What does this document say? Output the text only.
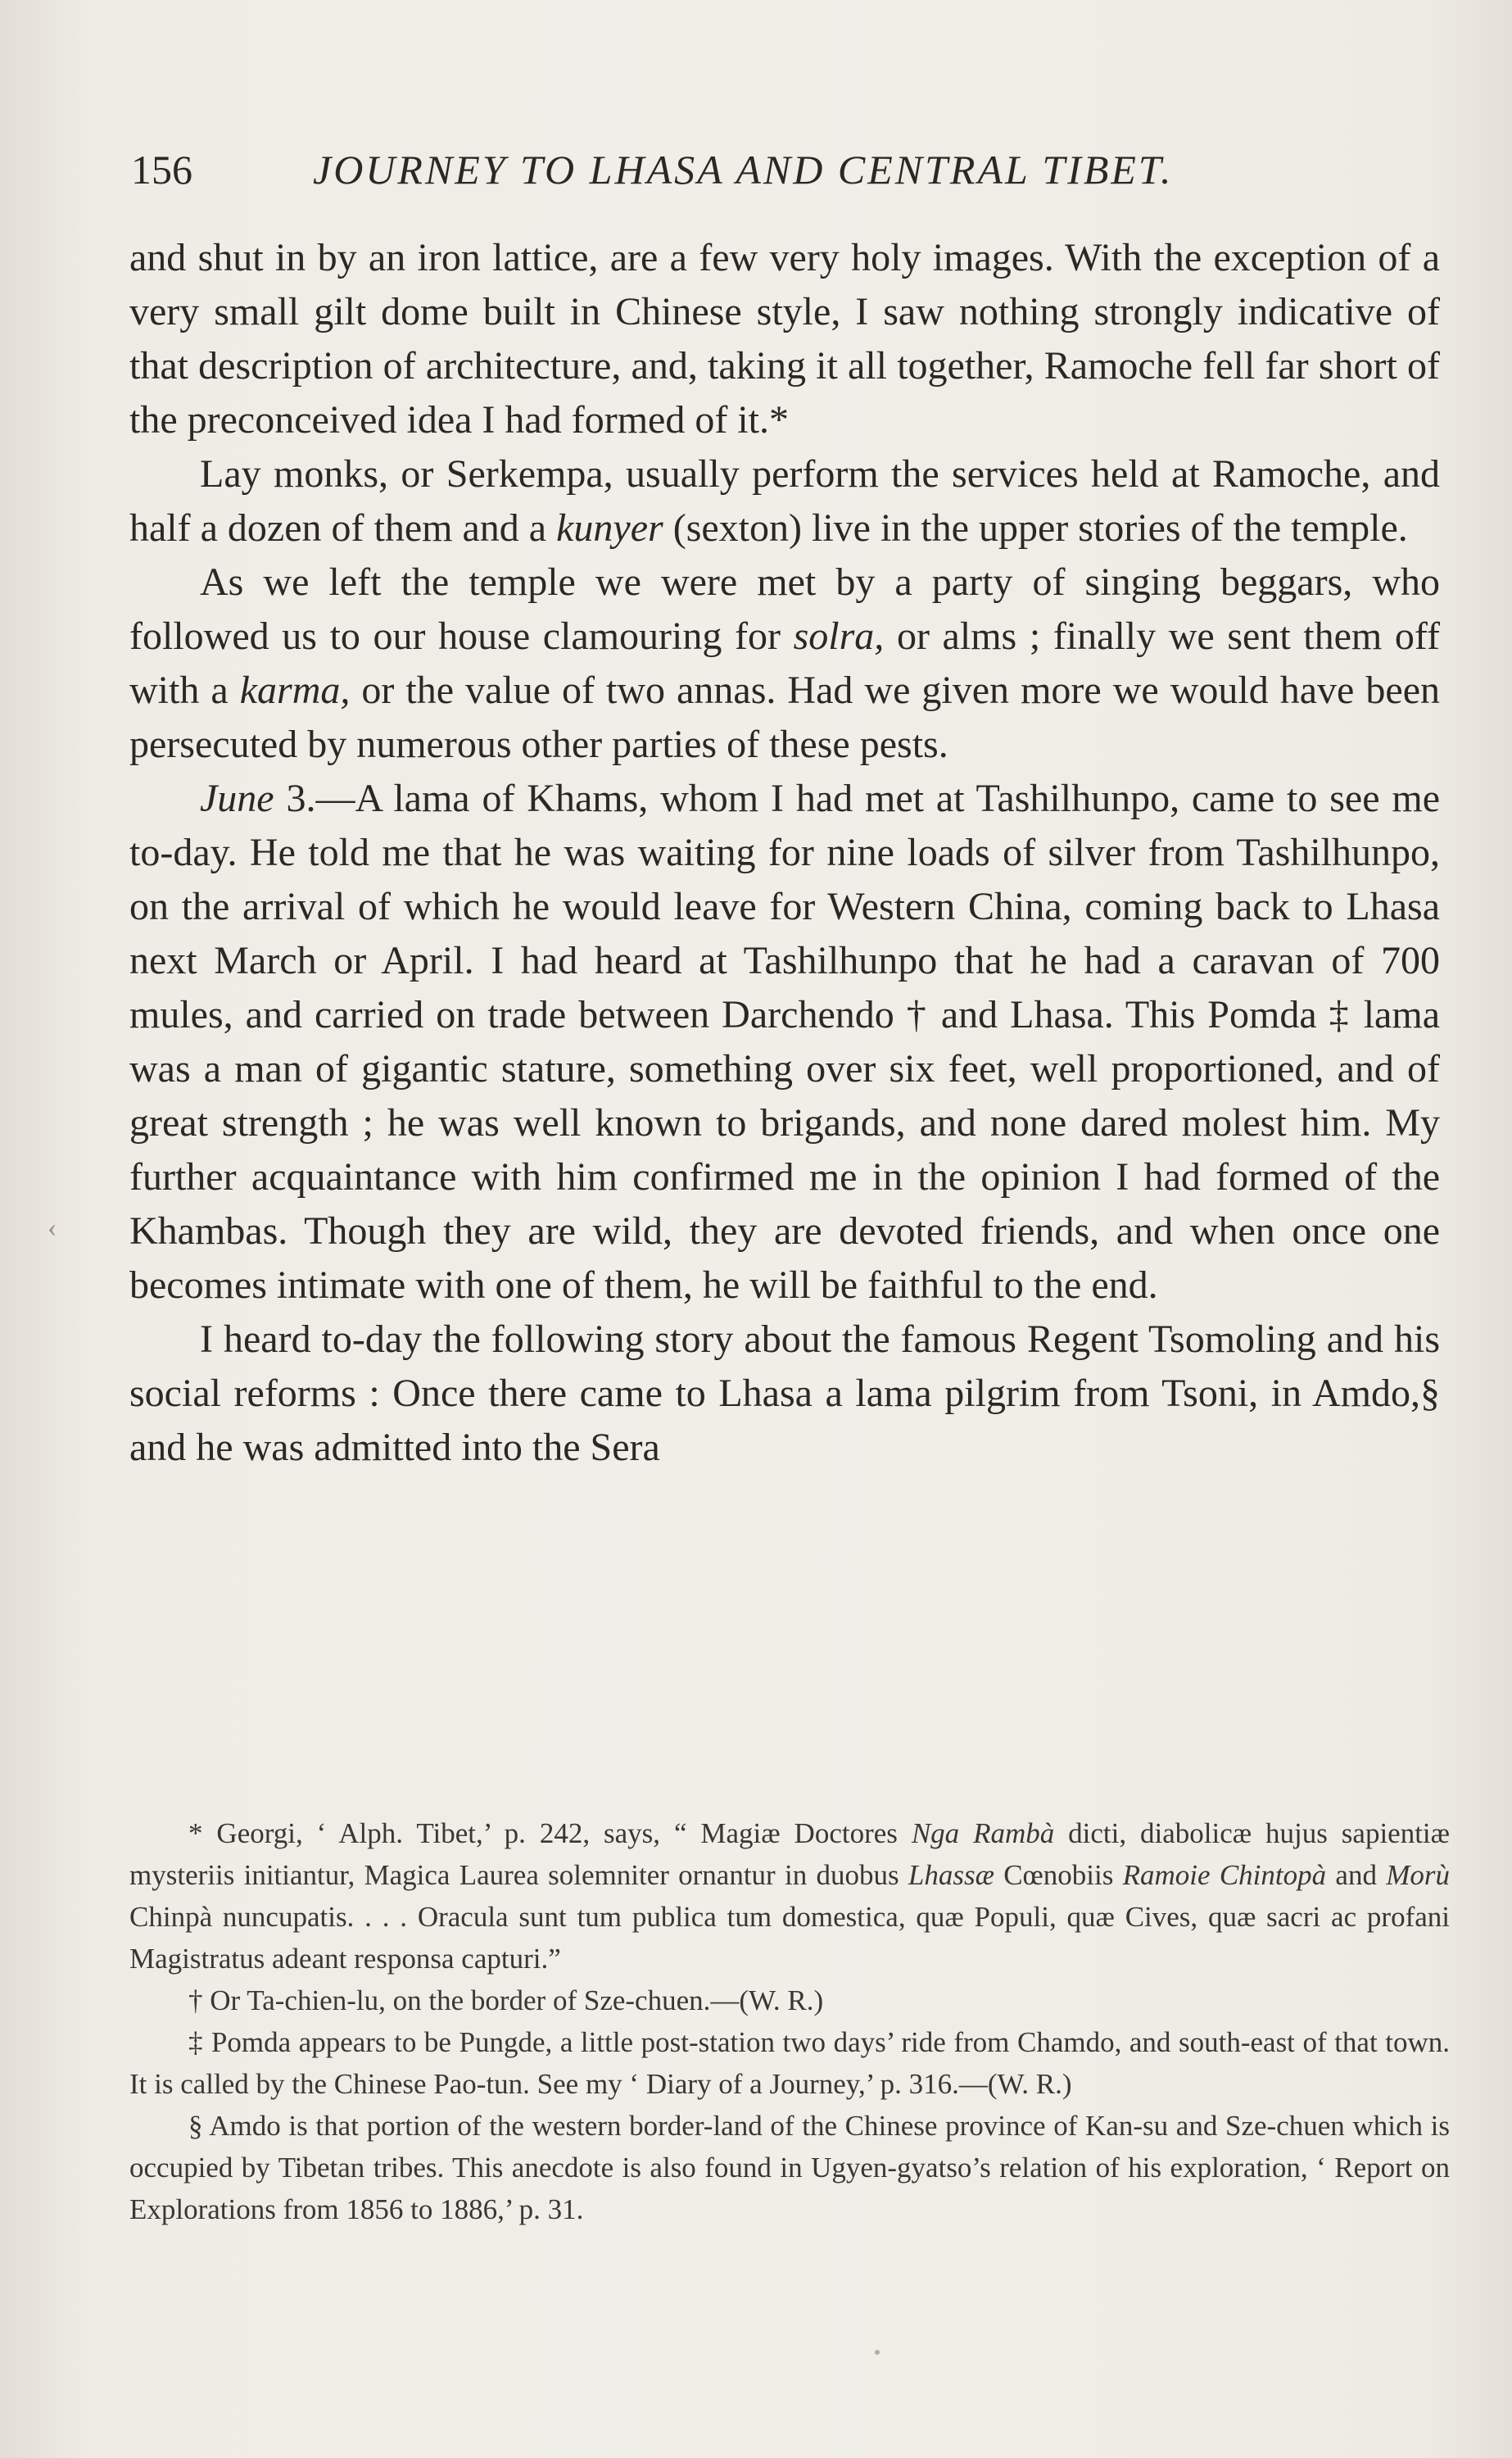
156	JOURNEY TO LHASA AND CENTRAL TIBET.

and shut in by an iron lattice, are a few very holy images. With the exception of a very small gilt dome built in Chinese style, I saw nothing strongly indicative of that description of architecture, and, taking it all together, Ramoche fell far short of the preconceived idea I had formed of it.*

Lay monks, or Serkempa, usually perform the services held at Ramoche, and half a dozen of them and a kunyer (sexton) live in the upper stories of the temple.

As we left the temple we were met by a party of singing beggars, who followed us to our house clamouring for solra, or alms ; finally we sent them off with a karma, or the value of two annas. Had we given more we would have been persecuted by numerous other parties of these pests.

June 3.—A lama of Khams, whom I had met at Tashilhunpo, came to see me to-day. He told me that he was waiting for nine loads of silver from Tashilhunpo, on the arrival of which he would leave for Western China, coming back to Lhasa next March or April. I had heard at Tashilhunpo that he had a caravan of 700 mules, and carried on trade between Darchendo † and Lhasa. This Pomda ‡ lama was a man of gigantic stature, something over six feet, well proportioned, and of great strength ; he was well known to brigands, and none dared molest him. My further acquaintance with him confirmed me in the opinion I had formed of the Khambas. Though they are wild, they are devoted friends, and when once one becomes intimate with one of them, he will be faithful to the end.

I heard to-day the following story about the famous Regent Tsomoling and his social reforms : Once there came to Lhasa a lama pilgrim from Tsoni, in Amdo,§ and he was admitted into the Sera

* Georgi, ‘ Alph. Tibet,’ p. 242, says, “ Magiæ Doctores Nga Rambà dicti, diabolicæ hujus sapientiæ mysteriis initiantur, Magica Laurea solemniter ornantur in duobus Lhassæ Cœnobiis Ramoie Chintopà and Morù Chinpà nuncupatis. . . . Oracula sunt tum publica tum domestica, quæ Populi, quæ Cives, quæ sacri ac profani Magistratus adeant responsa capturi.”

† Or Ta-chien-lu, on the border of Sze-chuen.—(W. R.)

‡ Pomda appears to be Pungde, a little post-station two days’ ride from Chamdo, and south-east of that town. It is called by the Chinese Pao-tun. See my ‘ Diary of a Journey,’ p. 316.—(W. R.)

§ Amdo is that portion of the western border-land of the Chinese province of Kan-su and Sze-chuen which is occupied by Tibetan tribes. This anecdote is also found in Ugyen-gyatso’s relation of his exploration, ‘ Report on Explorations from 1856 to 1886,’ p. 31.

‹
